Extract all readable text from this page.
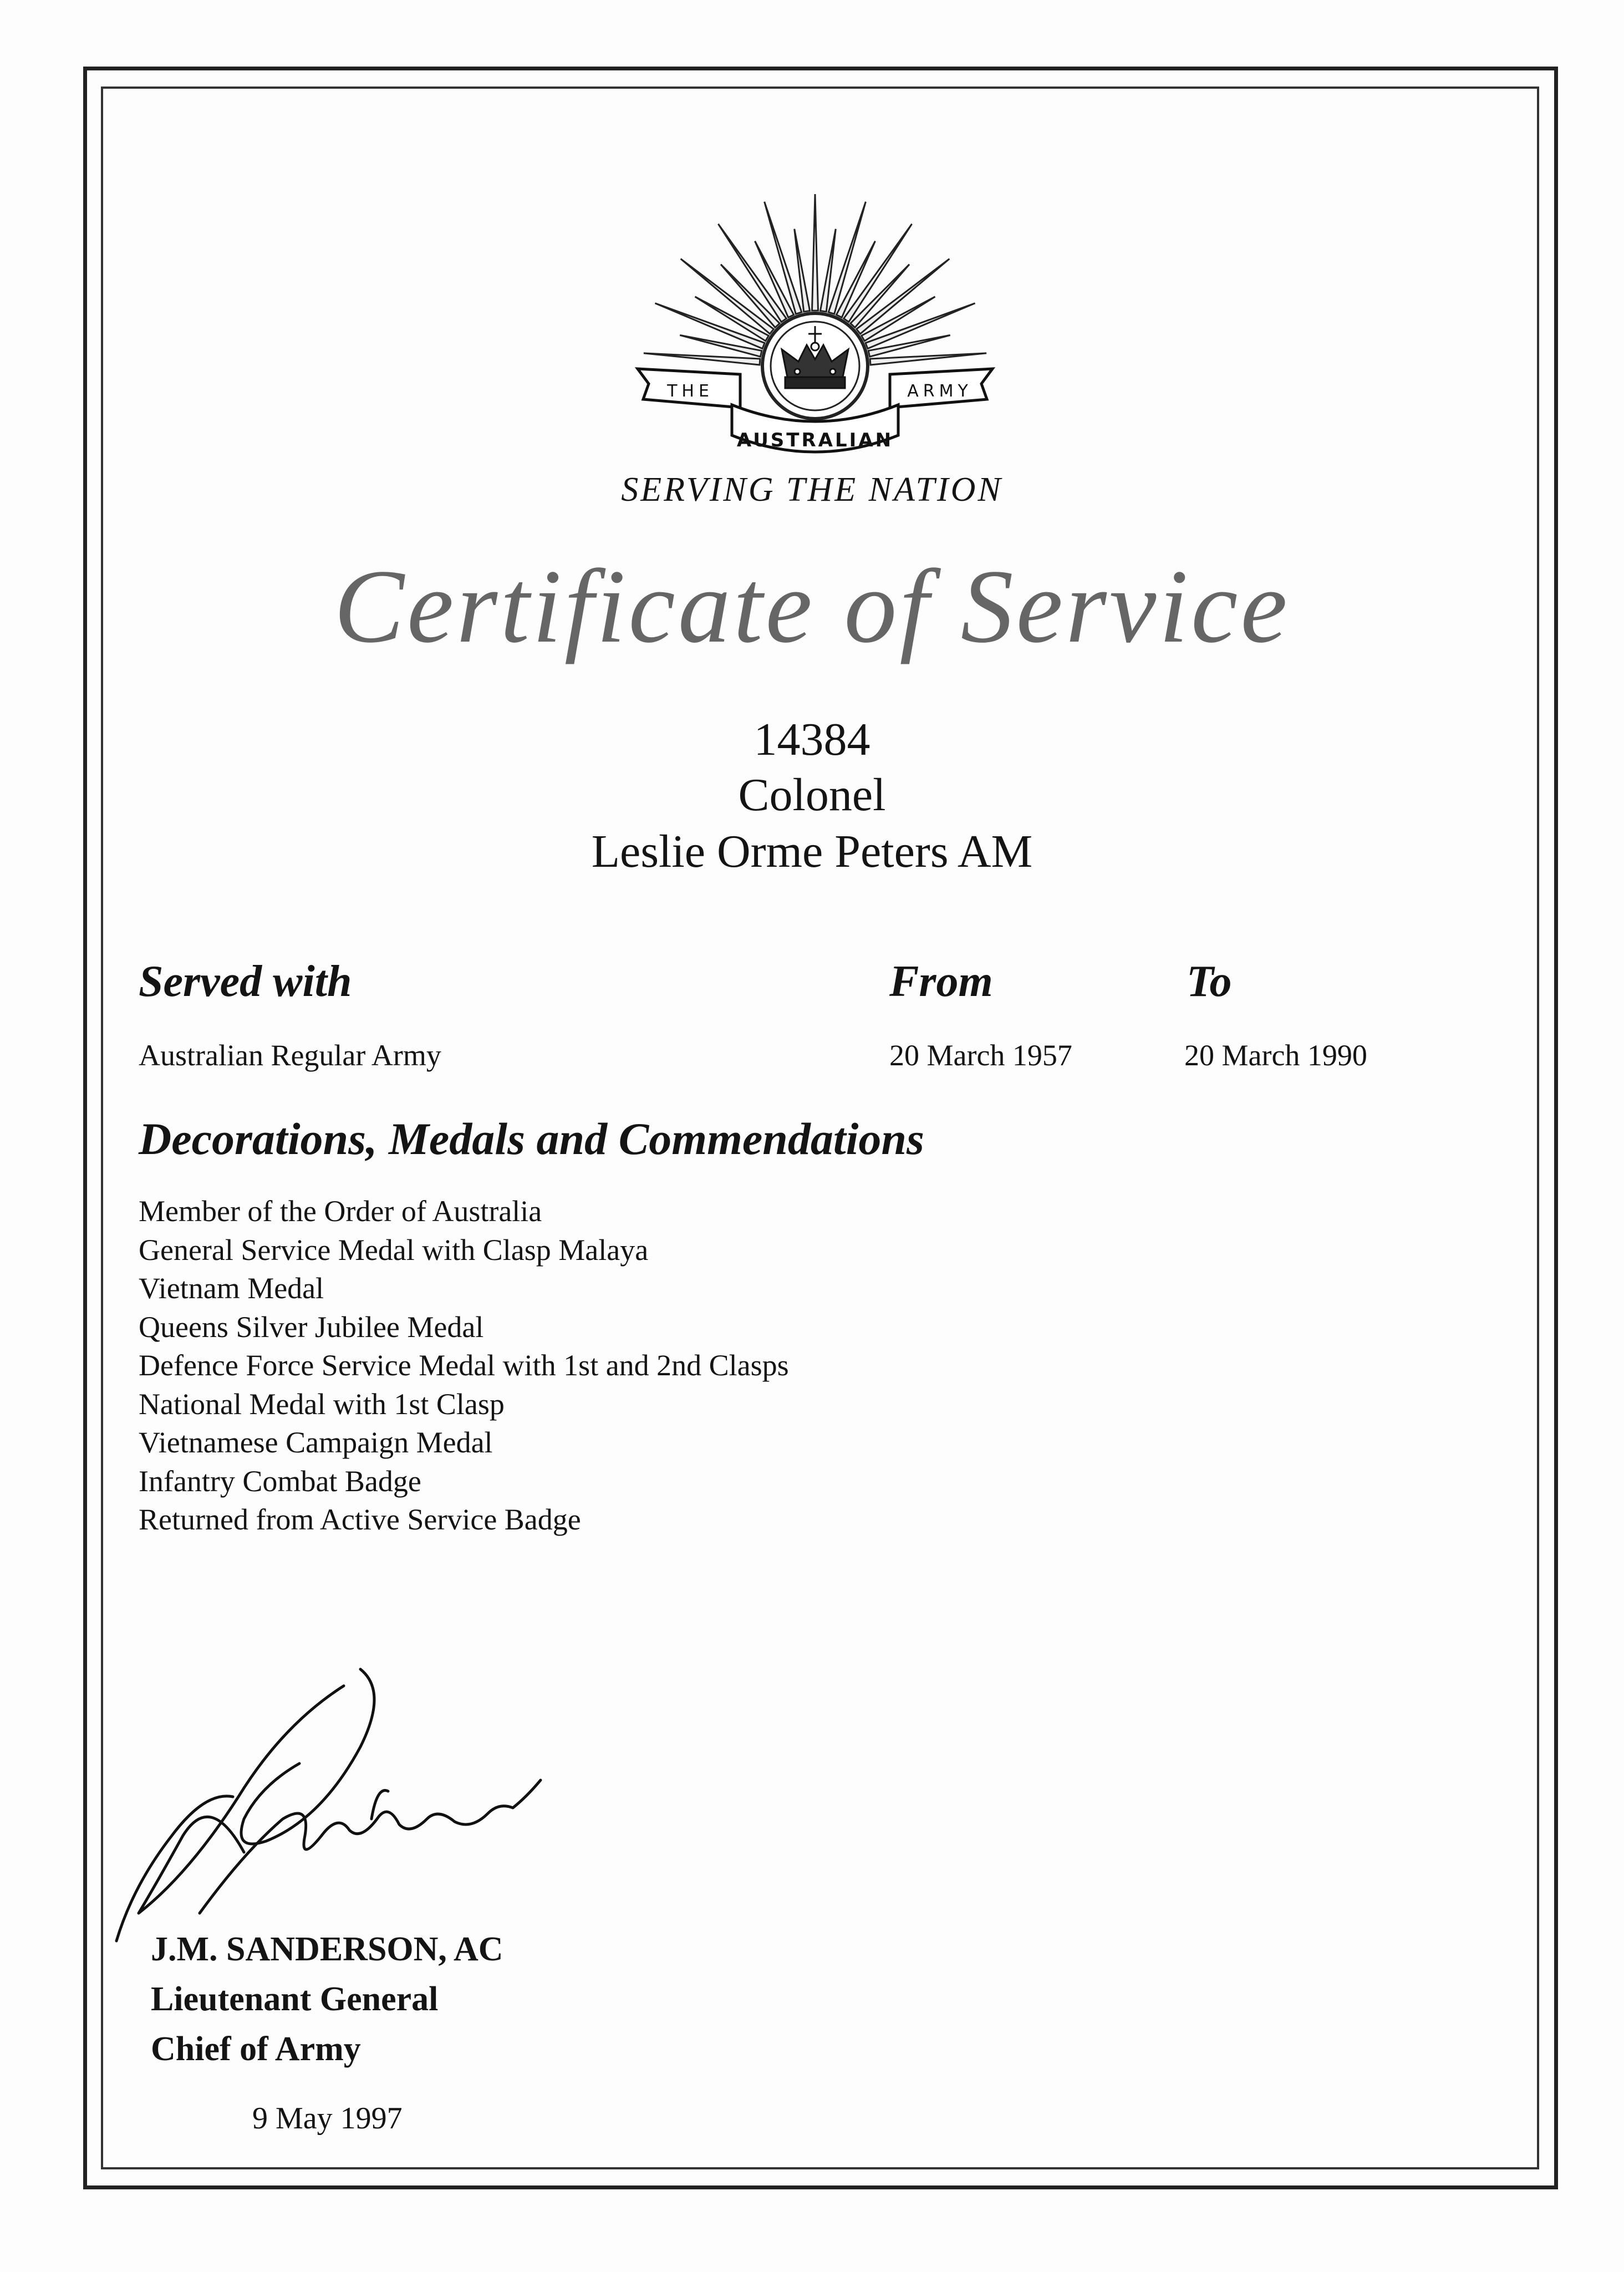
THE	ARMY
AUSTRALIAN
SERVING THE NATION
Certificate of Service
14384
Colonel
Leslie Orme Peters AM
Served with	From	To
Australian Regular Army	20 March 1957	20 March 1990
Decorations, Medals and Commendations
Member of the Order of Australia
General Service Medal with Clasp Malaya
Vietnam Medal
Queens Silver Jubilee Medal
Defence Force Service Medal with 1st and 2nd Clasps
National Medal with 1st Clasp
Vietnamese Campaign Medal
Infantry Combat Badge
Returned from Active Service Badge
J.M. SANDERSON, AC
Lieutenant General
Chief of Army
9 May 1997
